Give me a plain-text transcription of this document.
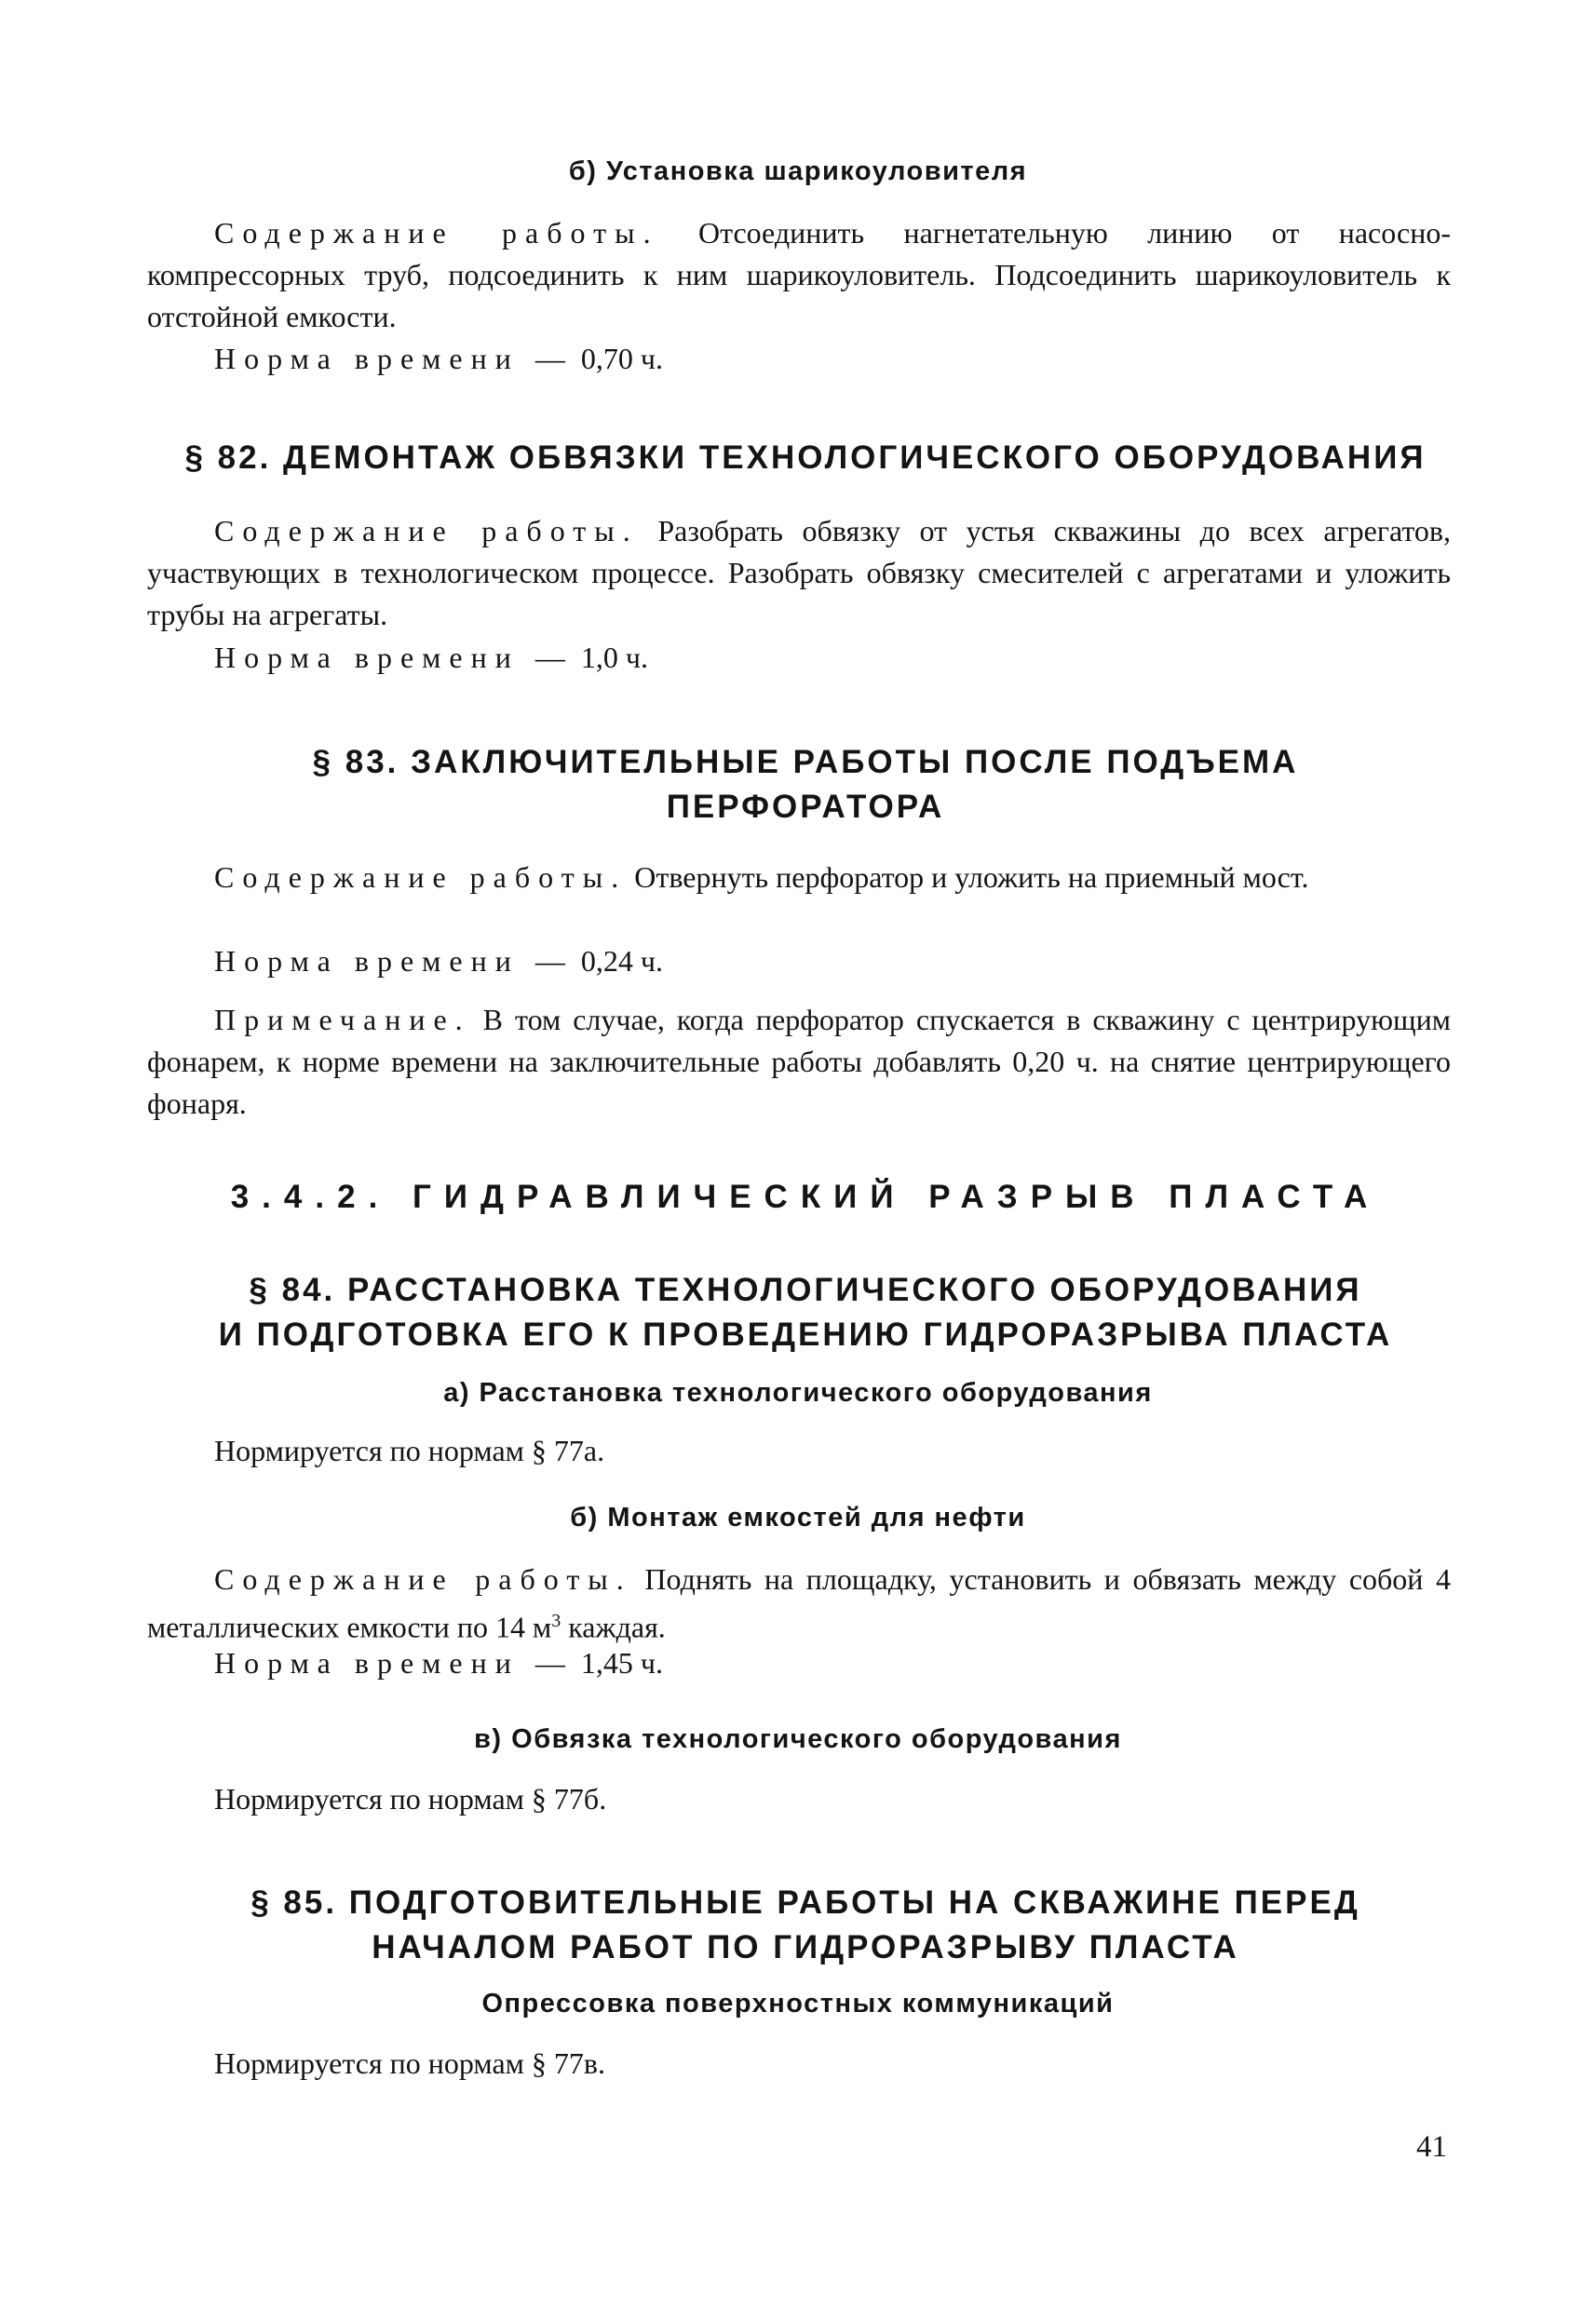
б) Установка шарикоуловителя
Содержание работы. Отсоединить нагнетательную линию от насосно-компрессорных труб, подсоединить к ним шарикоуловитель. Подсоединить шарикоуловитель к отстойной емкости.
Норма времени — 0,70 ч.
§ 82. ДЕМОНТАЖ ОБВЯЗКИ ТЕХНОЛОГИЧЕСКОГО ОБОРУДОВАНИЯ
Содержание работы. Разобрать обвязку от устья скважины до всех агрегатов, участвующих в технологическом процессе. Разобрать обвязку смесителей с агрегатами и уложить трубы на агрегаты.
Норма времени — 1,0 ч.
§ 83. ЗАКЛЮЧИТЕЛЬНЫЕ РАБОТЫ ПОСЛЕ ПОДЪЕМА
ПЕРФОРАТОРА
Содержание работы. Отвернуть перфоратор и уложить на приемный мост.
Норма времени — 0,24 ч.
Примечание. В том случае, когда перфоратор спускается в скважину с центрирующим фонарем, к норме времени на заключительные работы добавлять 0,20 ч. на снятие центрирующего фонаря.
3.4.2. ГИДРАВЛИЧЕСКИЙ РАЗРЫВ ПЛАСТА
§ 84. РАССТАНОВКА ТЕХНОЛОГИЧЕСКОГО ОБОРУДОВАНИЯ
И ПОДГОТОВКА ЕГО К ПРОВЕДЕНИЮ ГИДРОРАЗРЫВА ПЛАСТА
а) Расстановка технологического оборудования
Нормируется по нормам § 77а.
б) Монтаж емкостей для нефти
Содержание работы. Поднять на площадку, установить и обвязать между собой 4 металлических емкости по 14 $м^3$ каждая.
Норма времени — 1,45 ч.
в) Обвязка технологического оборудования
Нормируется по нормам § 77б.
§ 85. ПОДГОТОВИТЕЛЬНЫЕ РАБОТЫ НА СКВАЖИНЕ ПЕРЕД
НАЧАЛОМ РАБОТ ПО ГИДРОРАЗРЫВУ ПЛАСТА
Опрессовка поверхностных коммуникаций
Нормируется по нормам § 77в.
41
